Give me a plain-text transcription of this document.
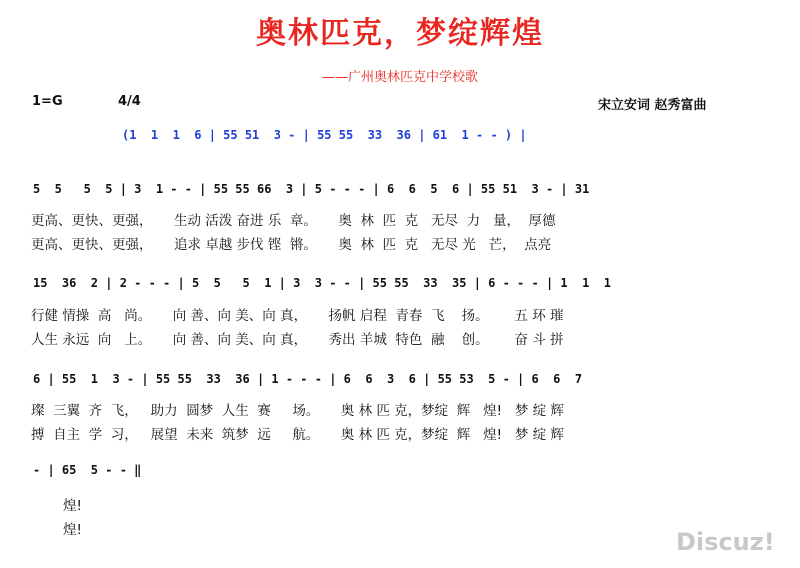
奥林匹克，梦绽辉煌
——广州奥林匹克中学校歌
1=G	4/4	宋立安词 赵秀富曲
(1  1  1  6 | 55 51  3 - | 55 55  33  36 | 61  1 - - ) |
5  5   5  5 | 3  1 - - | 55 55 66  3 | 5 - - - | 6  6  5  6 | 55 51  3 - | 31
更高、更快、更强，     生动 活泼 奋进 乐  章。     奥  林  匹  克   无尽  力   量，  厚德
更高、更快、更强，     追求 卓越 步伐 铿  锵。     奥  林  匹  克   无尽 光   芒，  点亮
15  36  2 | 2 - - - | 5  5   5  1 | 3  3 - - | 55 55  33  35 | 6 - - - | 1  1  1
行健 情操  高   尚。     向 善、向 美、向 真，     扬帆 启程  青春  飞    扬。      五 环 璀
人生 永远  向   上。     向 善、向 美、向 真，     秀出 羊城  特色  融    创。      奋 斗 拼
6 | 55  1  3 - | 55 55  33  36 | 1 - - - | 6  6  3  6 | 55 53  5 - | 6  6  7
璨  三翼  齐  飞，   助力  圆梦  人生  赛     场。     奥 林 匹 克，梦绽  辉   煌!   梦 绽 辉
搏  自主  学  习，   展望  未来  筑梦  远     航。     奥 林 匹 克，梦绽  辉   煌!   梦 绽 辉
- | 65  5 - - ‖
煌!
煌!	Discuz!
